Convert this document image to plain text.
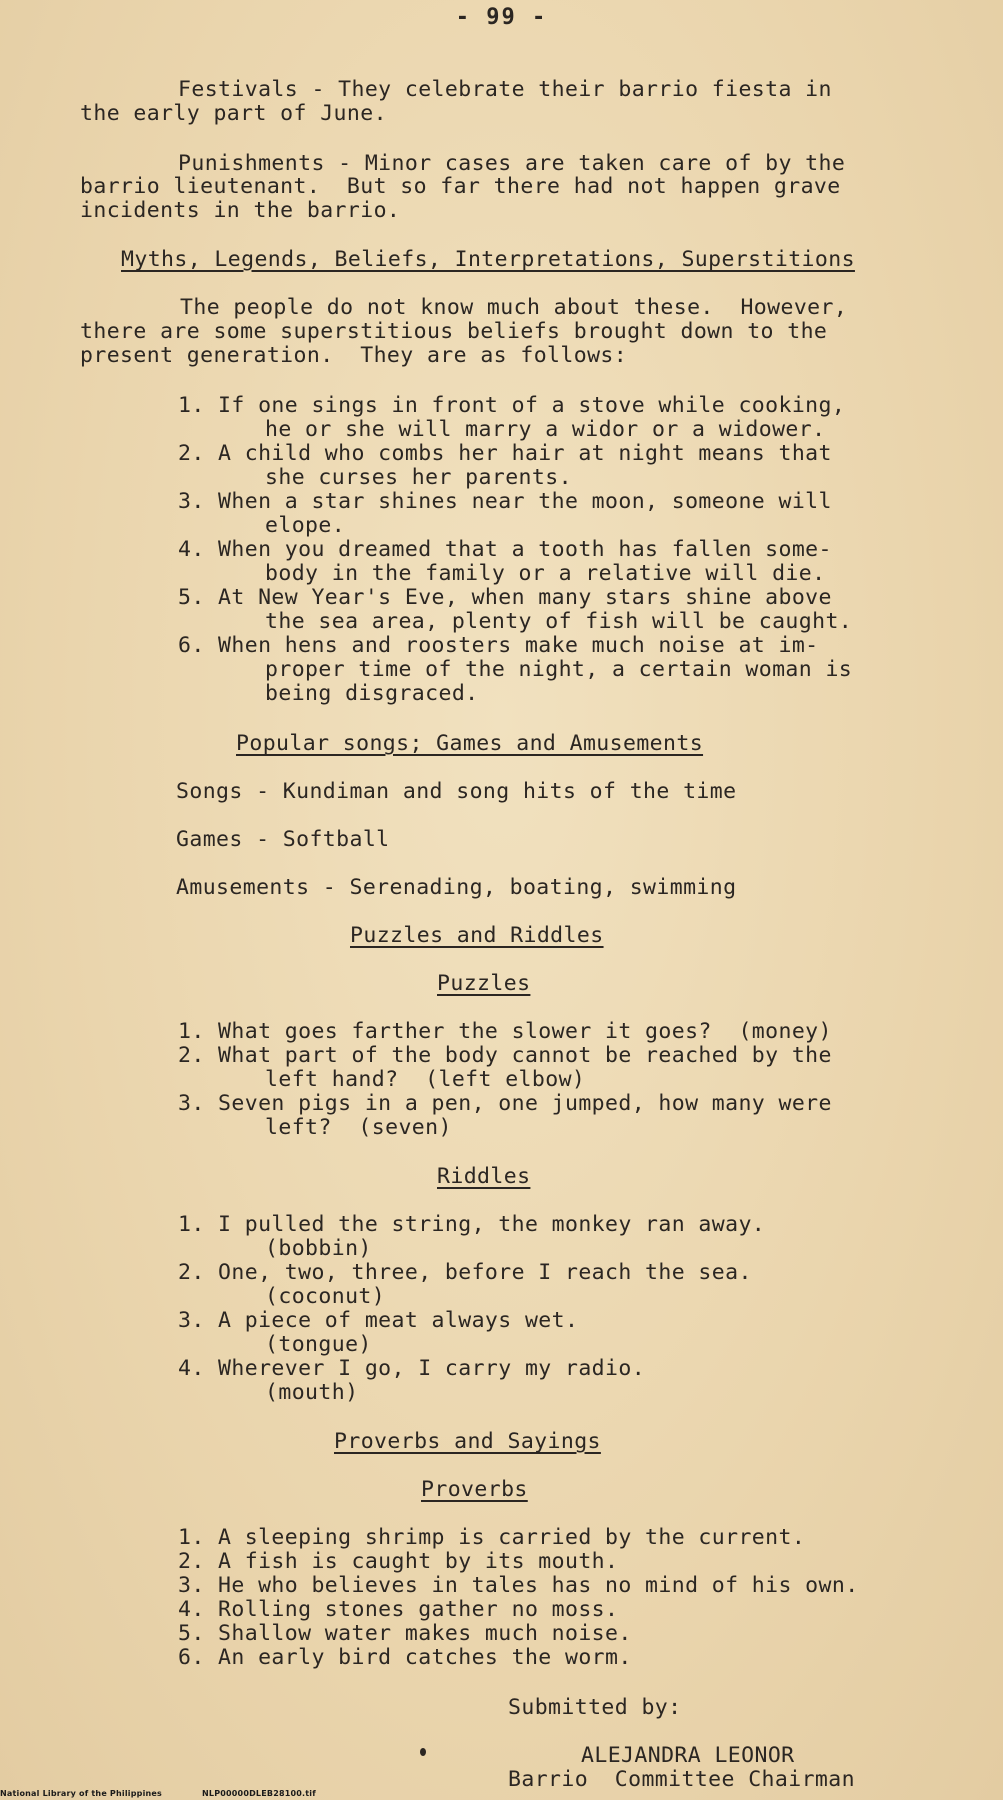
- 99 -
Festivals - They celebrate their barrio fiesta in
the early part of June.
Punishments - Minor cases are taken care of by the
barrio lieutenant.  But so far there had not happen grave
incidents in the barrio.
Myths, Legends, Beliefs, Interpretations, Superstitions
The people do not know much about these.  However,
there are some superstitious beliefs brought down to the
present generation.  They are as follows:
1. If one sings in front of a stove while cooking,
he or she will marry a widor or a widower.
2. A child who combs her hair at night means that
she curses her parents.
3. When a star shines near the moon, someone will
elope.
4. When you dreamed that a tooth has fallen some-
body in the family or a relative will die.
5. At New Year's Eve, when many stars shine above
the sea area, plenty of fish will be caught.
6. When hens and roosters make much noise at im-
proper time of the night, a certain woman is
being disgraced.
Popular songs; Games and Amusements
Songs - Kundiman and song hits of the time
Games - Softball
Amusements - Serenading, boating, swimming
Puzzles and Riddles
Puzzles
1. What goes farther the slower it goes?  (money)
2. What part of the body cannot be reached by the
left hand?  (left elbow)
3. Seven pigs in a pen, one jumped, how many were
left?  (seven)
Riddles
1. I pulled the string, the monkey ran away.
(bobbin)
2. One, two, three, before I reach the sea.
(coconut)
3. A piece of meat always wet.
(tongue)
4. Wherever I go, I carry my radio.
(mouth)
Proverbs and Sayings
Proverbs
1. A sleeping shrimp is carried by the current.
2. A fish is caught by its mouth.
3. He who believes in tales has no mind of his own.
4. Rolling stones gather no moss.
5. Shallow water makes much noise.
6. An early bird catches the worm.
Submitted by:
ALEJANDRA LEONOR
Barrio  Committee Chairman
National Library of the Philippines	NLP00000DLEB28100.tif
